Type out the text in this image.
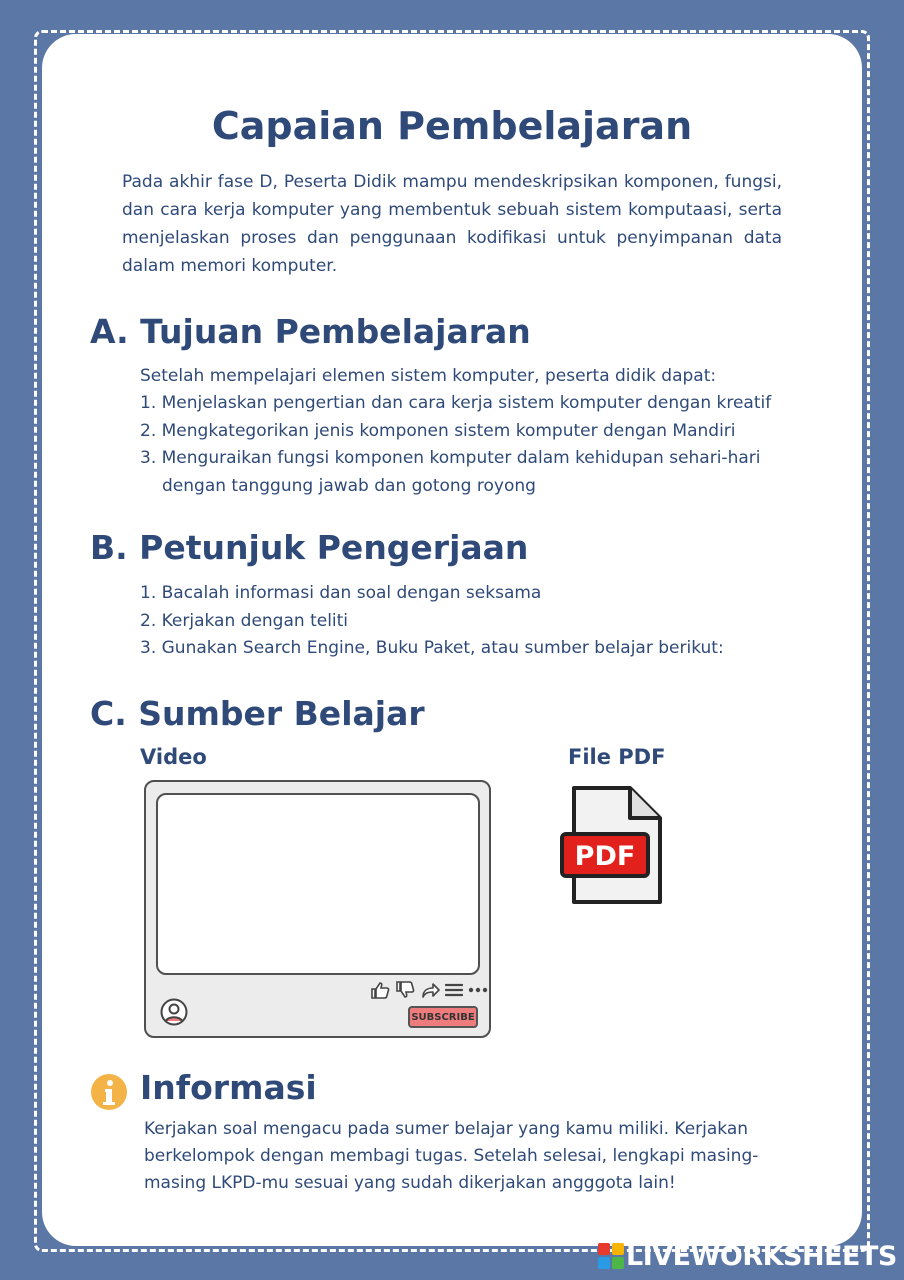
Capaian Pembelajaran

Pada akhir fase D, Peserta Didik mampu mendeskripsikan komponen, fungsi, dan cara kerja komputer yang membentuk sebuah sistem komputaasi, serta menjelaskan proses dan penggunaan kodifikasi untuk penyimpanan data dalam memori komputer.

A. Tujuan Pembelajaran

Setelah mempelajari elemen sistem komputer, peserta didik dapat:

1. Menjelaskan pengertian dan cara kerja sistem komputer dengan kreatif
2. Mengkategorikan jenis komponen sistem komputer dengan Mandiri
3. Menguraikan fungsi komponen komputer dalam kehidupan sehari-hari dengan tanggung jawab dan gotong royong
B. Petunjuk Pengerjaan
1. Bacalah informasi dan soal dengan seksama
2. Kerjakan dengan teliti
3. Gunakan Search Engine, Buku Paket, atau sumber belajar berikut:
C. Sumber Belajar
Video	File PDF
SUBSCRIBE
PDF
Informasi

Kerjakan soal mengacu pada sumer belajar yang kamu miliki. Kerjakan berkelompok dengan membagi tugas. Setelah selesai, lengkapi masing-masing LKPD-mu sesuai yang sudah dikerjakan angggota lain!

LIVEWORKSHEETS
